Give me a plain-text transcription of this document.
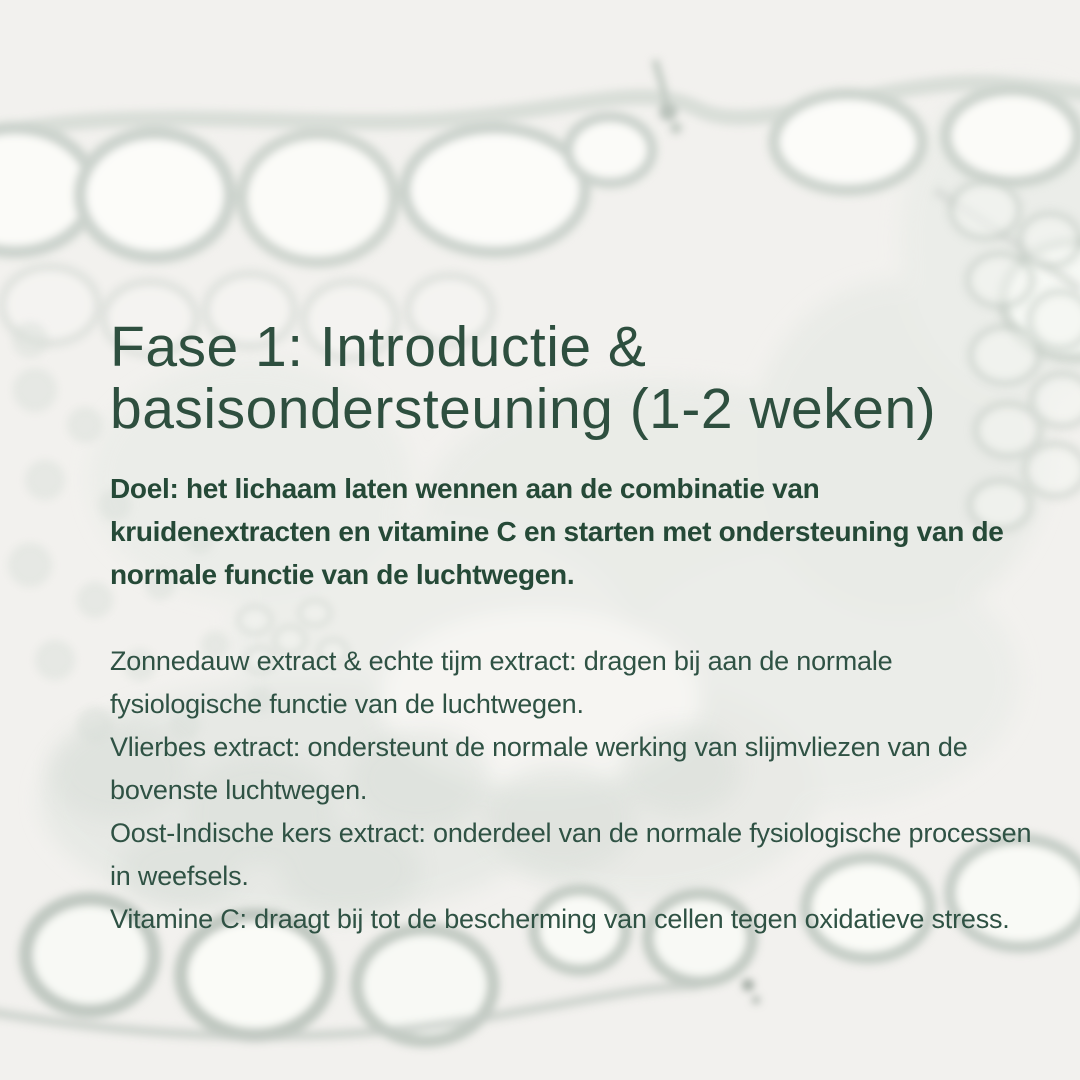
Fase 1: Introductie &
basisondersteuning (1-2 weken)

Doel: het lichaam laten wennen aan de combinatie van kruidenextracten en vitamine C en starten met ondersteuning van de normale functie van de luchtwegen.

Zonnedauw extract & echte tijm extract: dragen bij aan de normale fysiologische functie van de luchtwegen.

Vlierbes extract: ondersteunt de normale werking van slijmvliezen van de bovenste luchtwegen.

Oost-Indische kers extract: onderdeel van de normale fysiologische processen in weefsels.

Vitamine C: draagt bij tot de bescherming van cellen tegen oxidatieve stress.
